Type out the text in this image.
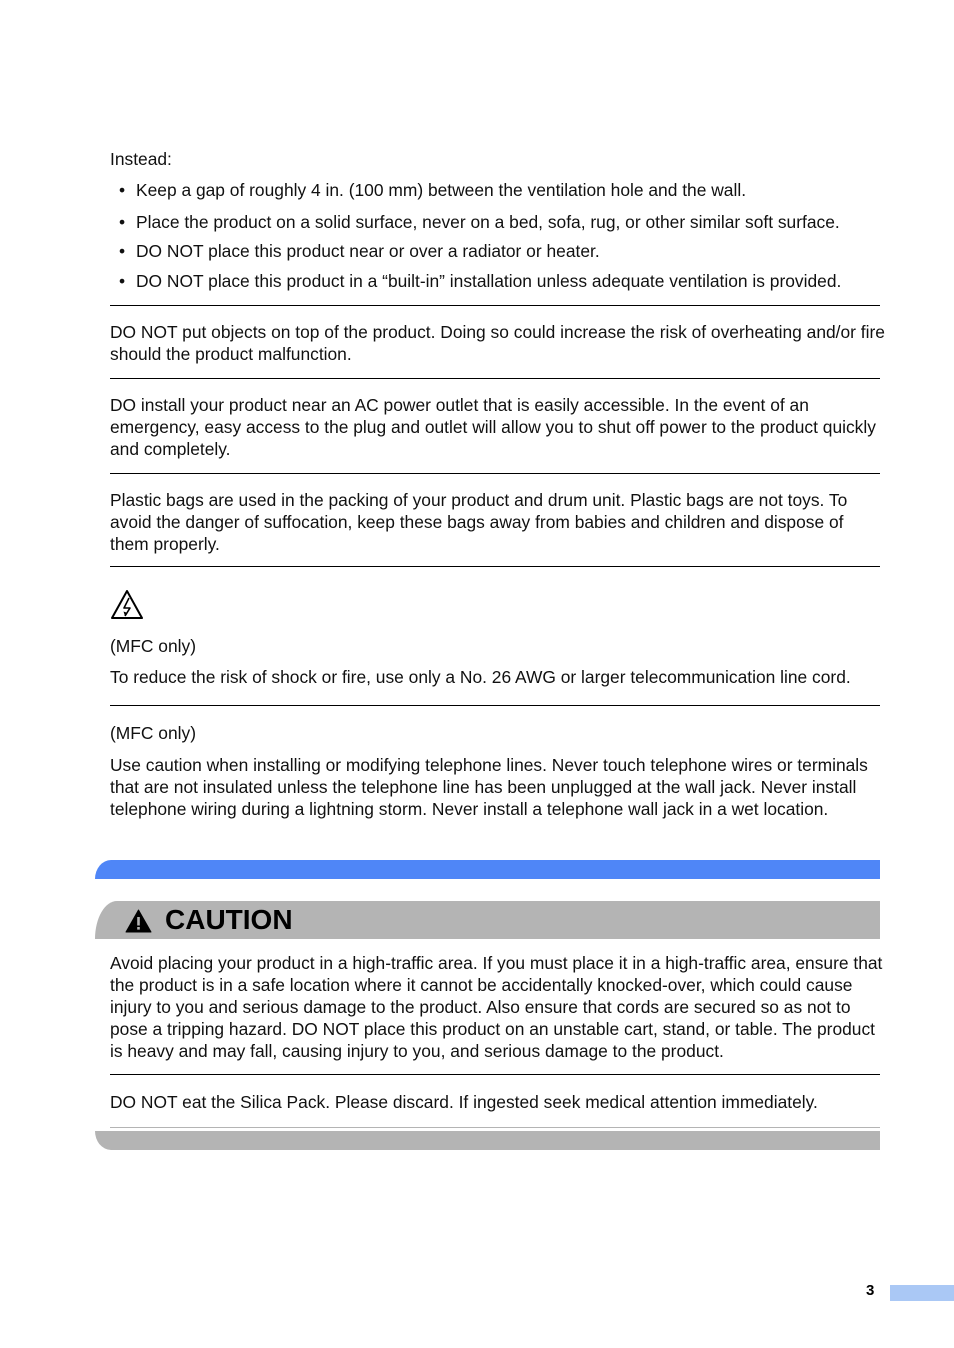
Instead:

• Keep a gap of roughly 4 in. (100 mm) between the ventilation hole and the wall.
• Place the product on a solid surface, never on a bed, sofa, rug, or other similar soft surface.
• DO NOT place this product near or over a radiator or heater.
• DO NOT place this product in a “built-in” installation unless adequate ventilation is provided.

DO NOT put objects on top of the product. Doing so could increase the risk of overheating and/or fire should the product malfunction.

DO install your product near an AC power outlet that is easily accessible. In the event of an emergency, easy access to the plug and outlet will allow you to shut off power to the product quickly and completely.

Plastic bags are used in the packing of your product and drum unit. Plastic bags are not toys. To avoid the danger of suffocation, keep these bags away from babies and children and dispose of them properly.

(MFC only)

To reduce the risk of shock or fire, use only a No. 26 AWG or larger telecommunication line cord.

(MFC only)

Use caution when installing or modifying telephone lines. Never touch telephone wires or terminals that are not insulated unless the telephone line has been unplugged at the wall jack. Never install telephone wiring during a lightning storm. Never install a telephone wall jack in a wet location.

CAUTION

Avoid placing your product in a high-traffic area. If you must place it in a high-traffic area, ensure that the product is in a safe location where it cannot be accidentally knocked-over, which could cause injury to you and serious damage to the product. Also ensure that cords are secured so as not to pose a tripping hazard. DO NOT place this product on an unstable cart, stand, or table. The product is heavy and may fall, causing injury to you, and serious damage to the product.

DO NOT eat the Silica Pack. Please discard. If ingested seek medical attention immediately.

3
